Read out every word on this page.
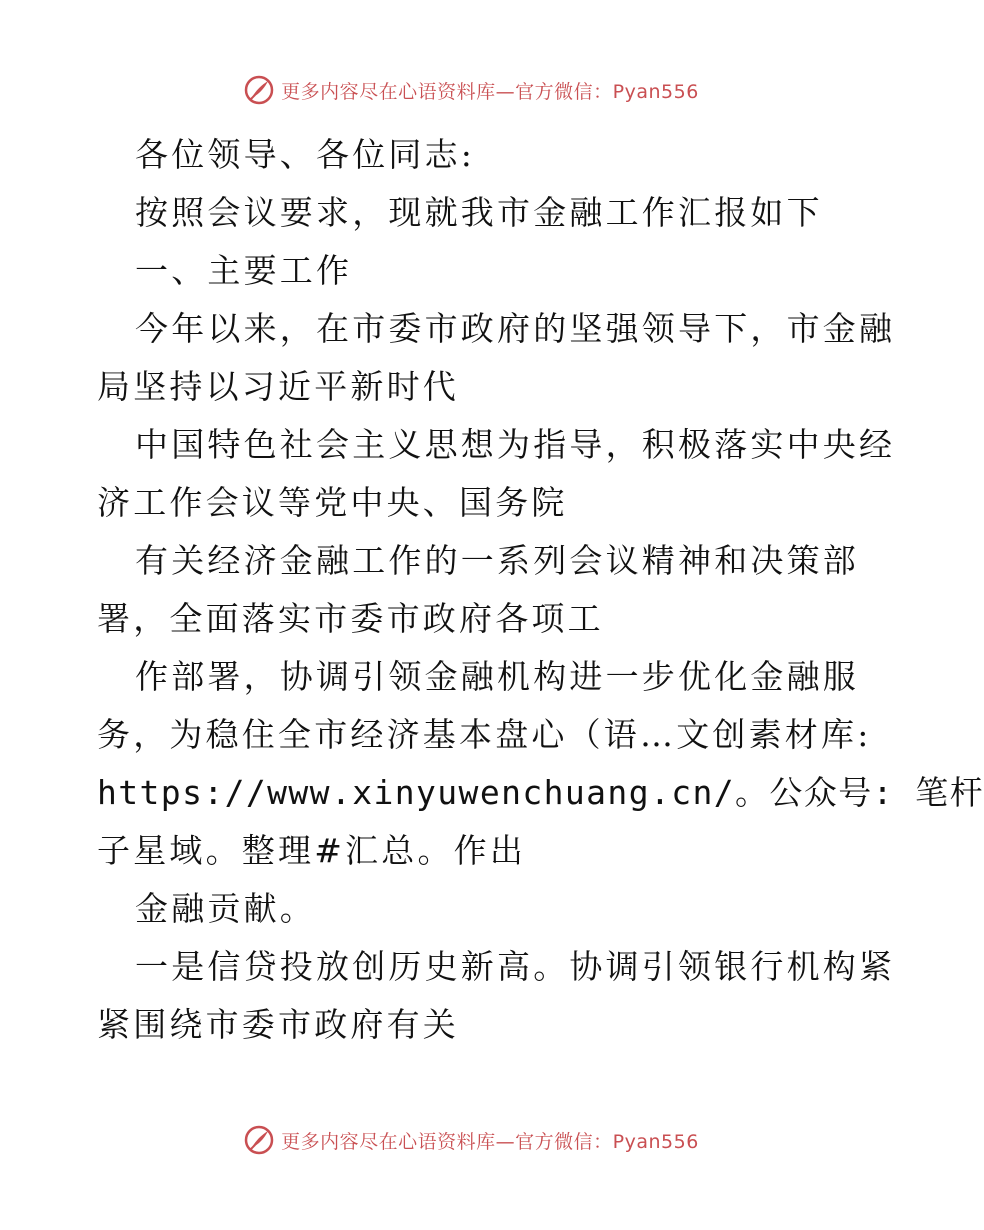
更多内容尽在心语资料库—官方微信：Pyan556
各位领导、各位同志:
按照会议要求，现就我市金融工作汇报如下
一、主要工作
今年以来，在市委市政府的坚强领导下，市金融
局坚持以习近平新时代
中国特色社会主义思想为指导，积极落实中央经
济工作会议等党中央、国务院
有关经济金融工作的一系列会议精神和决策部
署，全面落实市委市政府各项工
作部署，协调引领金融机构进一步优化金融服
务，为稳住全市经济基本盘心（语…文创素材库:
https://www.xinyuwenchuang.cn/。公众号: 笔杆
子星域。整理#汇总。作出
金融贡献。
一是信贷投放创历史新高。协调引领银行机构紧
紧围绕市委市政府有关
更多内容尽在心语资料库—官方微信：Pyan556
